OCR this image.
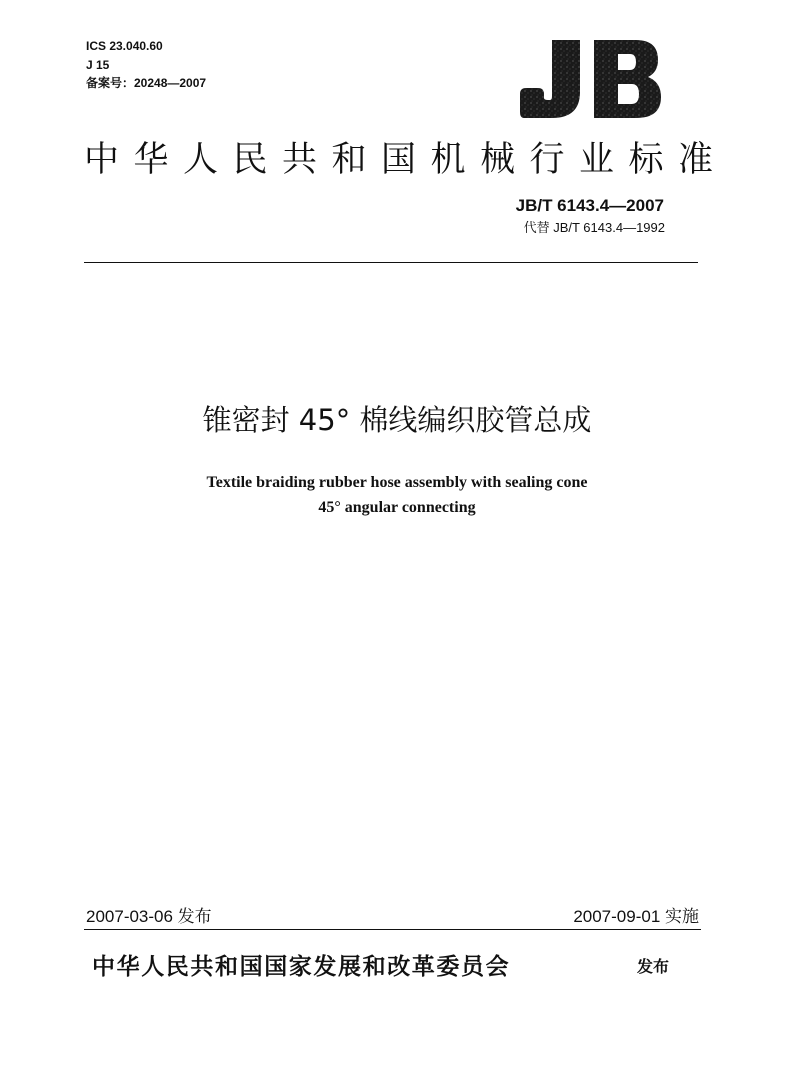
ICS 23.040.60
J 15
备案号：20248—2007
中华人民共和国机械行业标准
JB/T 6143.4—2007
代替 JB/T 6143.4—1992
锥密封 45° 棉线编织胶管总成
Textile braiding rubber hose assembly with sealing cone
45° angular connecting
2007-03-06 发布	2007-09-01 实施
中华人民共和国国家发展和改革委员会	发布
